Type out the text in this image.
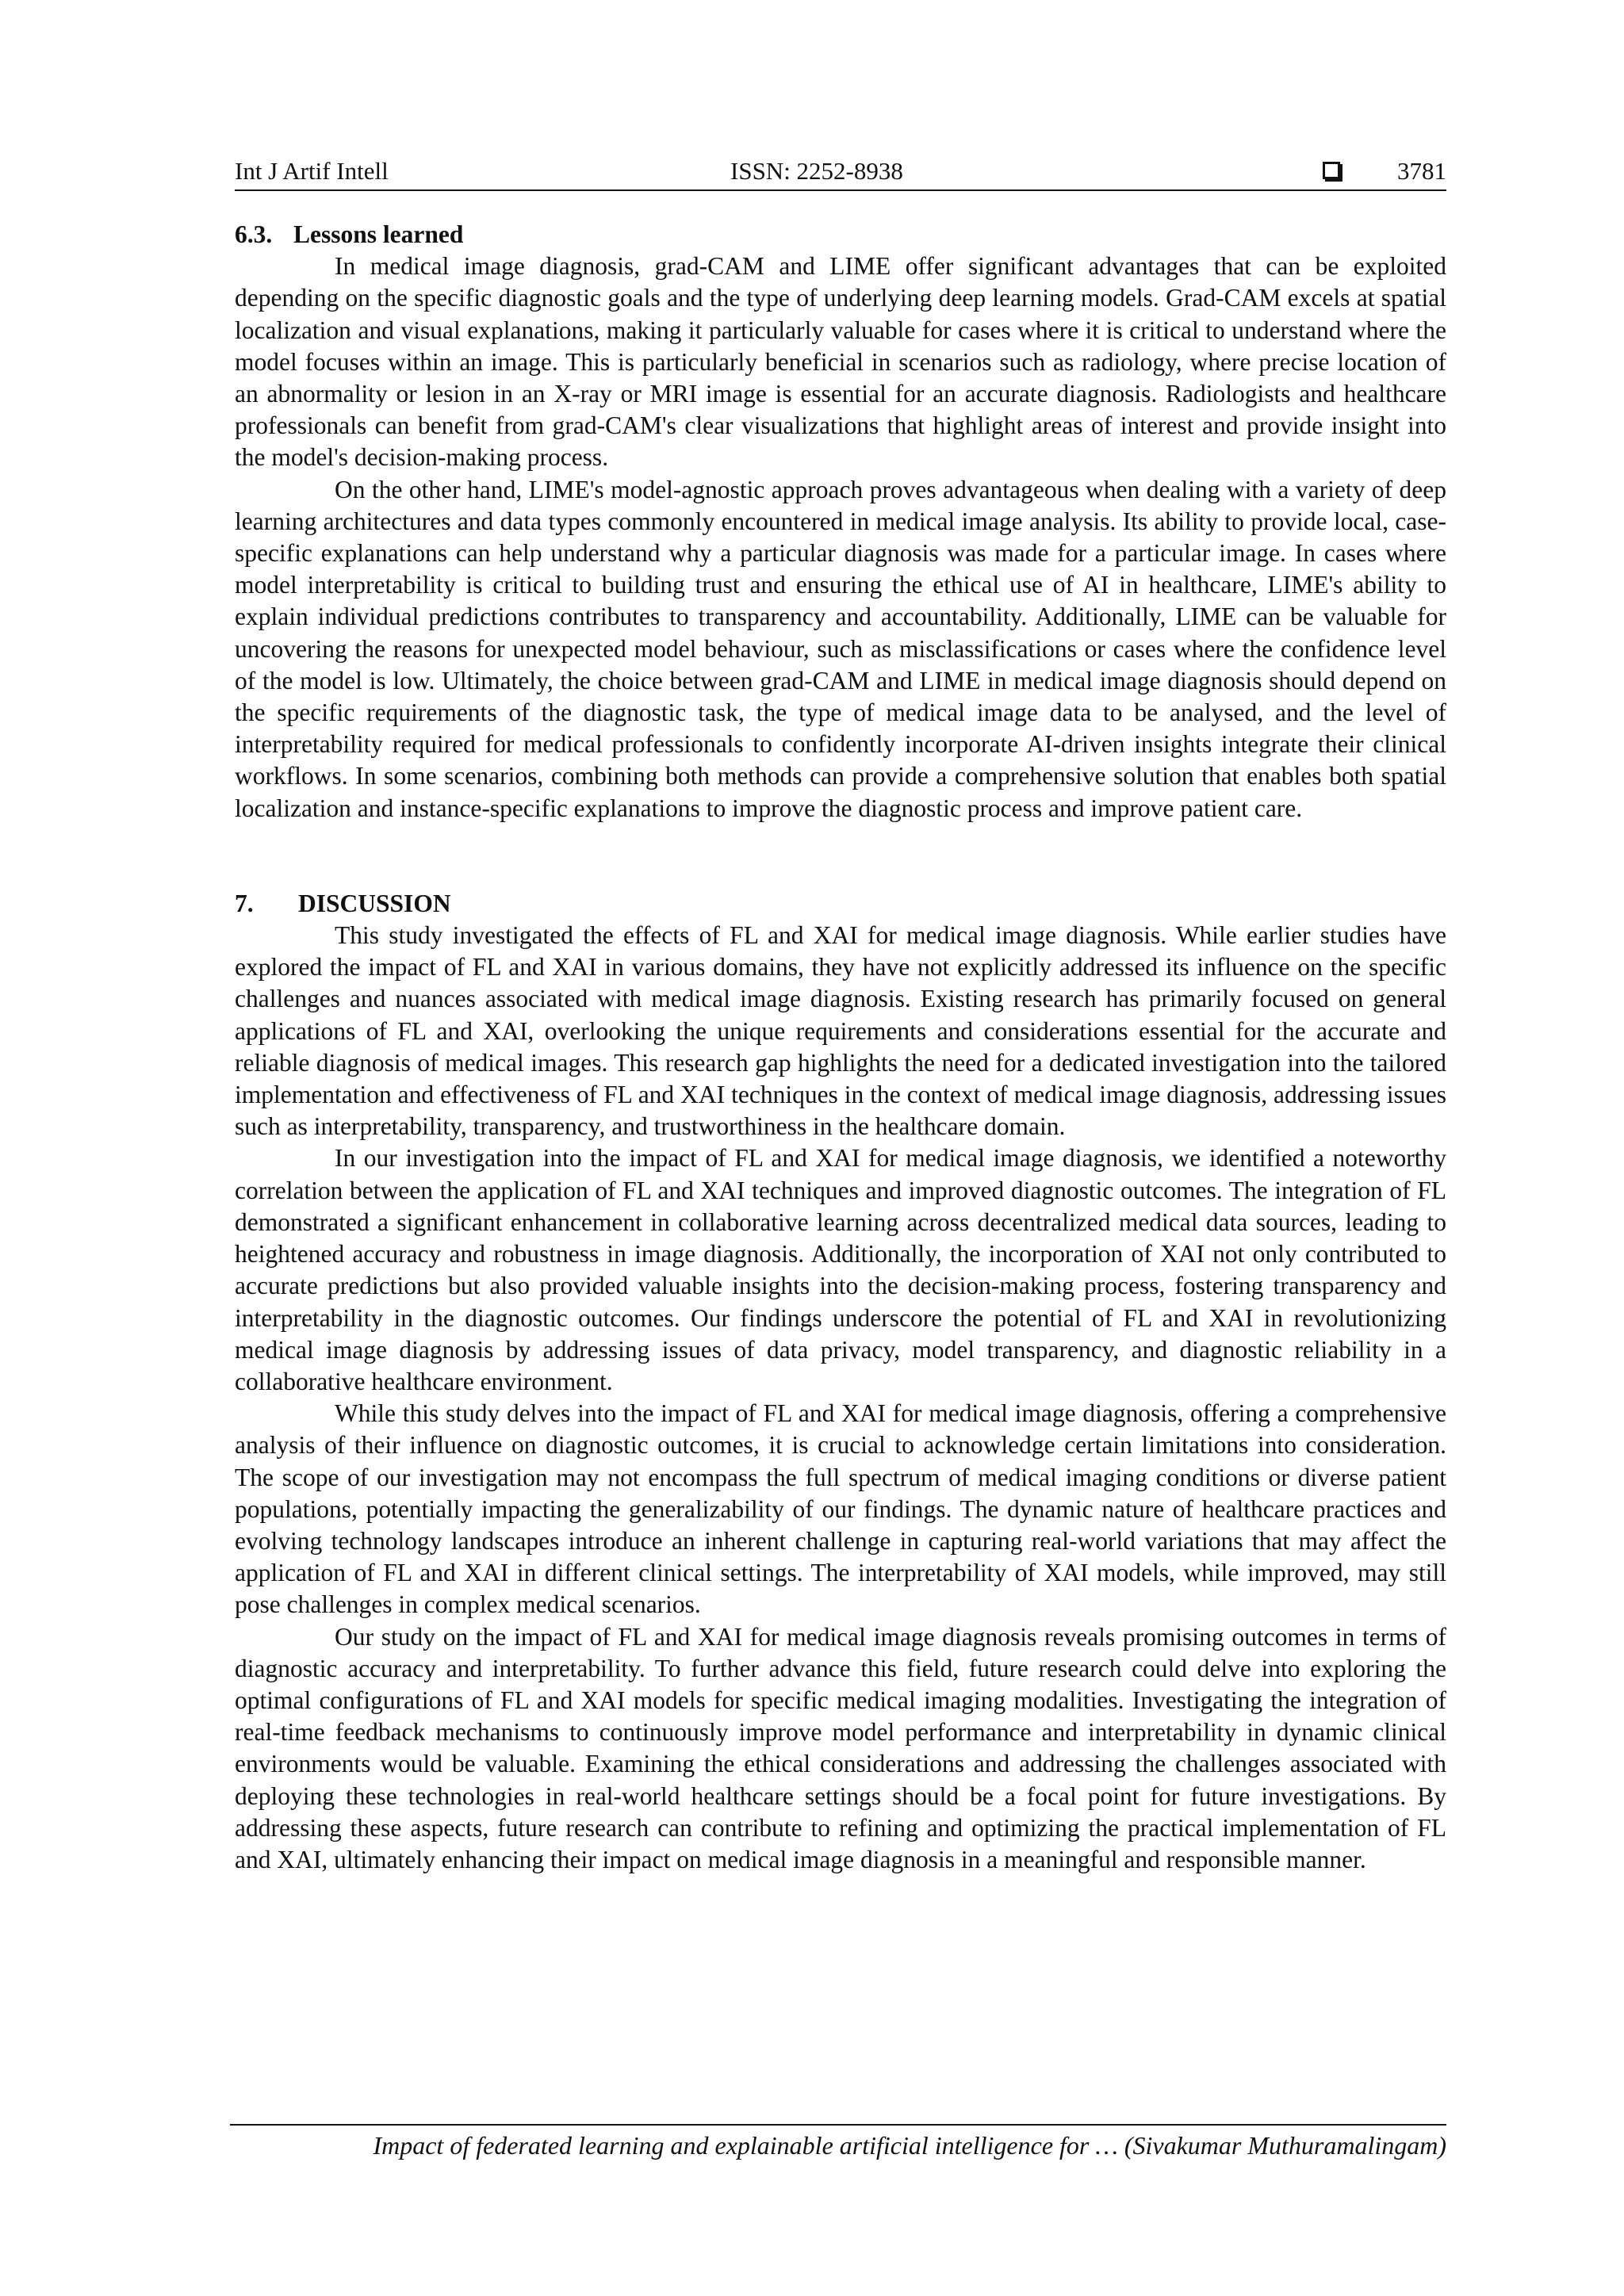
Int J Artif Intell	ISSN: 2252-8938	3781
6.3. Lessons learned

In medical image diagnosis, grad-CAM and LIME offer significant advantages that can be exploited depending on the specific diagnostic goals and the type of underlying deep learning models. Grad-CAM excels at spatial localization and visual explanations, making it particularly valuable for cases where it is critical to understand where the model focuses within an image. This is particularly beneficial in scenarios such as radiology, where precise location of an abnormality or lesion in an X-ray or MRI image is essential for an accurate diagnosis. Radiologists and healthcare professionals can benefit from grad-CAM's clear visualizations that highlight areas of interest and provide insight into the model's decision-making process.

On the other hand, LIME's model-agnostic approach proves advantageous when dealing with a variety of deep learning architectures and data types commonly encountered in medical image analysis. Its ability to provide local, case-specific explanations can help understand why a particular diagnosis was made for a particular image. In cases where model interpretability is critical to building trust and ensuring the ethical use of AI in healthcare, LIME's ability to explain individual predictions contributes to transparency and accountability. Additionally, LIME can be valuable for uncovering the reasons for unexpected model behaviour, such as misclassifications or cases where the confidence level of the model is low. Ultimately, the choice between grad-CAM and LIME in medical image diagnosis should depend on the specific requirements of the diagnostic task, the type of medical image data to be analysed, and the level of interpretability required for medical professionals to confidently incorporate AI-driven insights integrate their clinical workflows. In some scenarios, combining both methods can provide a comprehensive solution that enables both spatial localization and instance-specific explanations to improve the diagnostic process and improve patient care.

7. DISCUSSION

This study investigated the effects of FL and XAI for medical image diagnosis. While earlier studies have explored the impact of FL and XAI in various domains, they have not explicitly addressed its influence on the specific challenges and nuances associated with medical image diagnosis. Existing research has primarily focused on general applications of FL and XAI, overlooking the unique requirements and considerations essential for the accurate and reliable diagnosis of medical images. This research gap highlights the need for a dedicated investigation into the tailored implementation and effectiveness of FL and XAI techniques in the context of medical image diagnosis, addressing issues such as interpretability, transparency, and trustworthiness in the healthcare domain.

In our investigation into the impact of FL and XAI for medical image diagnosis, we identified a noteworthy correlation between the application of FL and XAI techniques and improved diagnostic outcomes. The integration of FL demonstrated a significant enhancement in collaborative learning across decentralized medical data sources, leading to heightened accuracy and robustness in image diagnosis. Additionally, the incorporation of XAI not only contributed to accurate predictions but also provided valuable insights into the decision-making process, fostering transparency and interpretability in the diagnostic outcomes. Our findings underscore the potential of FL and XAI in revolutionizing medical image diagnosis by addressing issues of data privacy, model transparency, and diagnostic reliability in a collaborative healthcare environment.

While this study delves into the impact of FL and XAI for medical image diagnosis, offering a comprehensive analysis of their influence on diagnostic outcomes, it is crucial to acknowledge certain limitations into consideration. The scope of our investigation may not encompass the full spectrum of medical imaging conditions or diverse patient populations, potentially impacting the generalizability of our findings. The dynamic nature of healthcare practices and evolving technology landscapes introduce an inherent challenge in capturing real-world variations that may affect the application of FL and XAI in different clinical settings. The interpretability of XAI models, while improved, may still pose challenges in complex medical scenarios.

Our study on the impact of FL and XAI for medical image diagnosis reveals promising outcomes in terms of diagnostic accuracy and interpretability. To further advance this field, future research could delve into exploring the optimal configurations of FL and XAI models for specific medical imaging modalities. Investigating the integration of real-time feedback mechanisms to continuously improve model performance and interpretability in dynamic clinical environments would be valuable. Examining the ethical considerations and addressing the challenges associated with deploying these technologies in real-world healthcare settings should be a focal point for future investigations. By addressing these aspects, future research can contribute to refining and optimizing the practical implementation of FL and XAI, ultimately enhancing their impact on medical image diagnosis in a meaningful and responsible manner.

Impact of federated learning and explainable artificial intelligence for … (Sivakumar Muthuramalingam)
